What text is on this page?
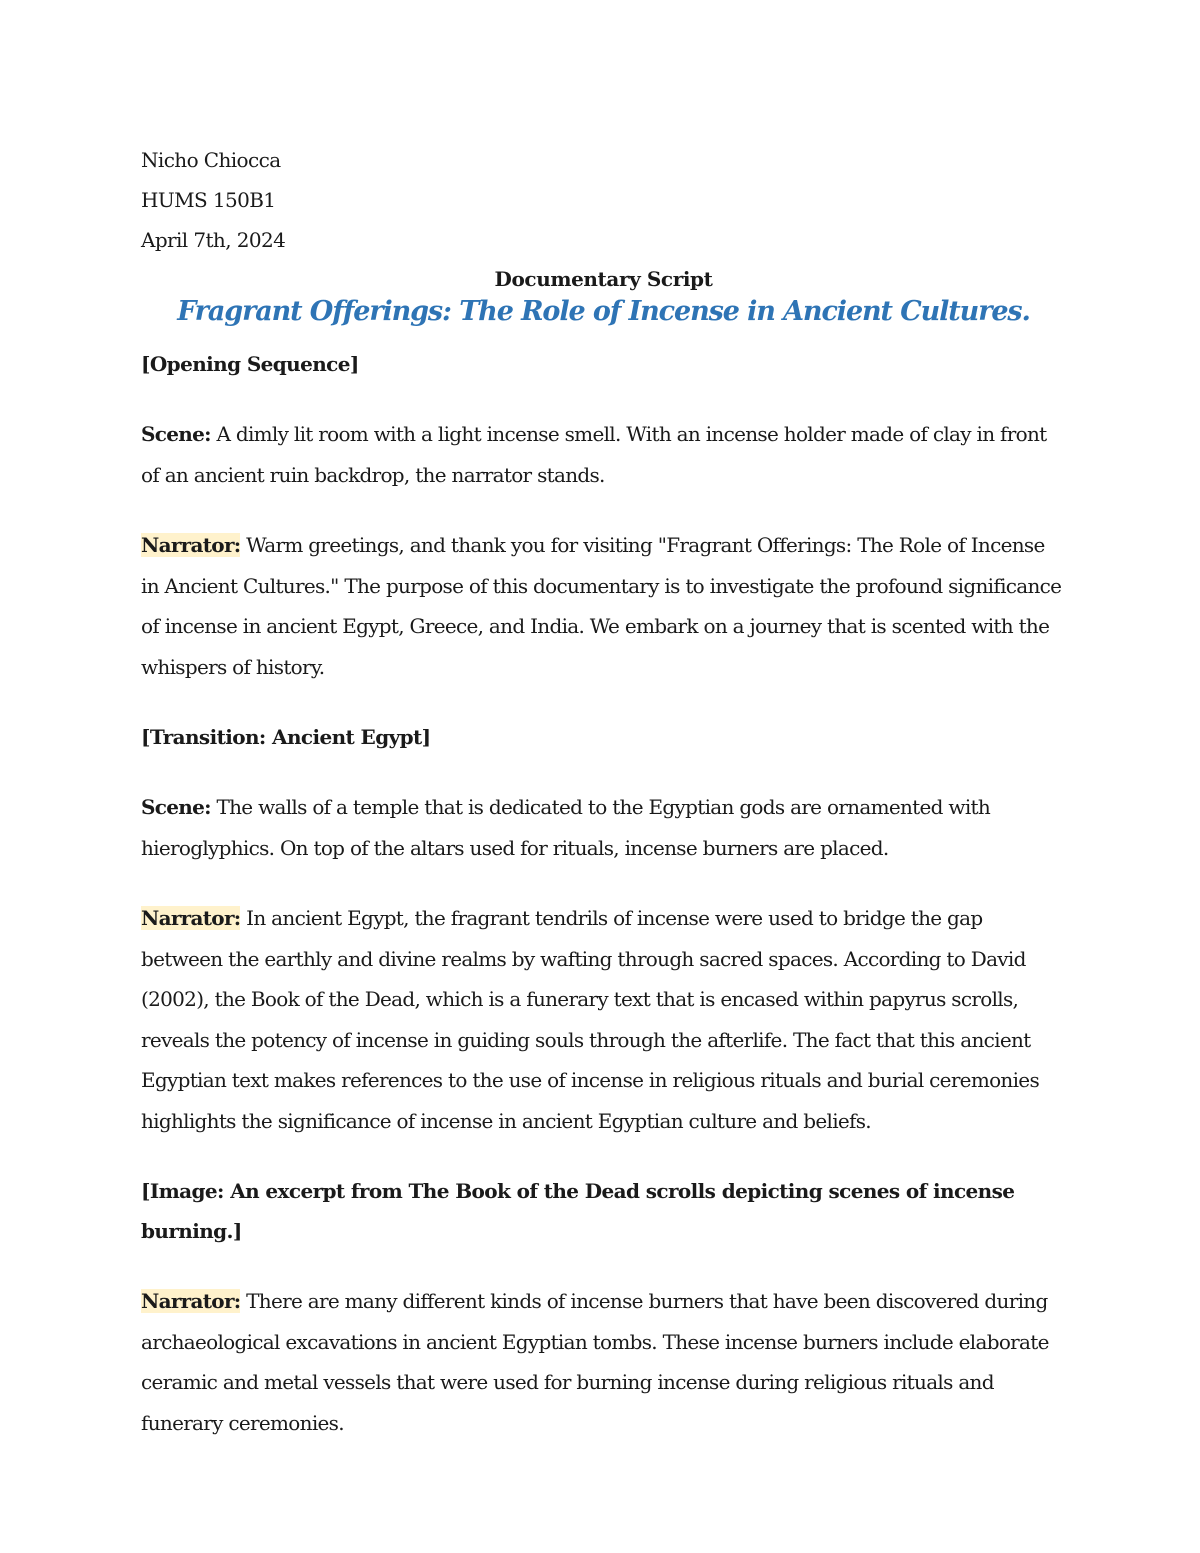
Nicho Chiocca
HUMS 150B1
April 7th, 2024
Documentary Script
Fragrant Offerings: The Role of Incense in Ancient Cultures.
[Opening Sequence]
Scene: A dimly lit room with a light incense smell. With an incense holder made of clay in front of an ancient ruin backdrop, the narrator stands.
Narrator: Warm greetings, and thank you for visiting "Fragrant Offerings: The Role of Incense in Ancient Cultures." The purpose of this documentary is to investigate the profound significance of incense in ancient Egypt, Greece, and India. We embark on a journey that is scented with the whispers of history.
[Transition: Ancient Egypt]
Scene: The walls of a temple that is dedicated to the Egyptian gods are ornamented with hieroglyphics. On top of the altars used for rituals, incense burners are placed.
Narrator: In ancient Egypt, the fragrant tendrils of incense were used to bridge the gap between the earthly and divine realms by wafting through sacred spaces. According to David (2002), the Book of the Dead, which is a funerary text that is encased within papyrus scrolls, reveals the potency of incense in guiding souls through the afterlife. The fact that this ancient Egyptian text makes references to the use of incense in religious rituals and burial ceremonies highlights the significance of incense in ancient Egyptian culture and beliefs.
[Image: An excerpt from The Book of the Dead scrolls depicting scenes of incense burning.]
Narrator: There are many different kinds of incense burners that have been discovered during archaeological excavations in ancient Egyptian tombs. These incense burners include elaborate ceramic and metal vessels that were used for burning incense during religious rituals and funerary ceremonies.
